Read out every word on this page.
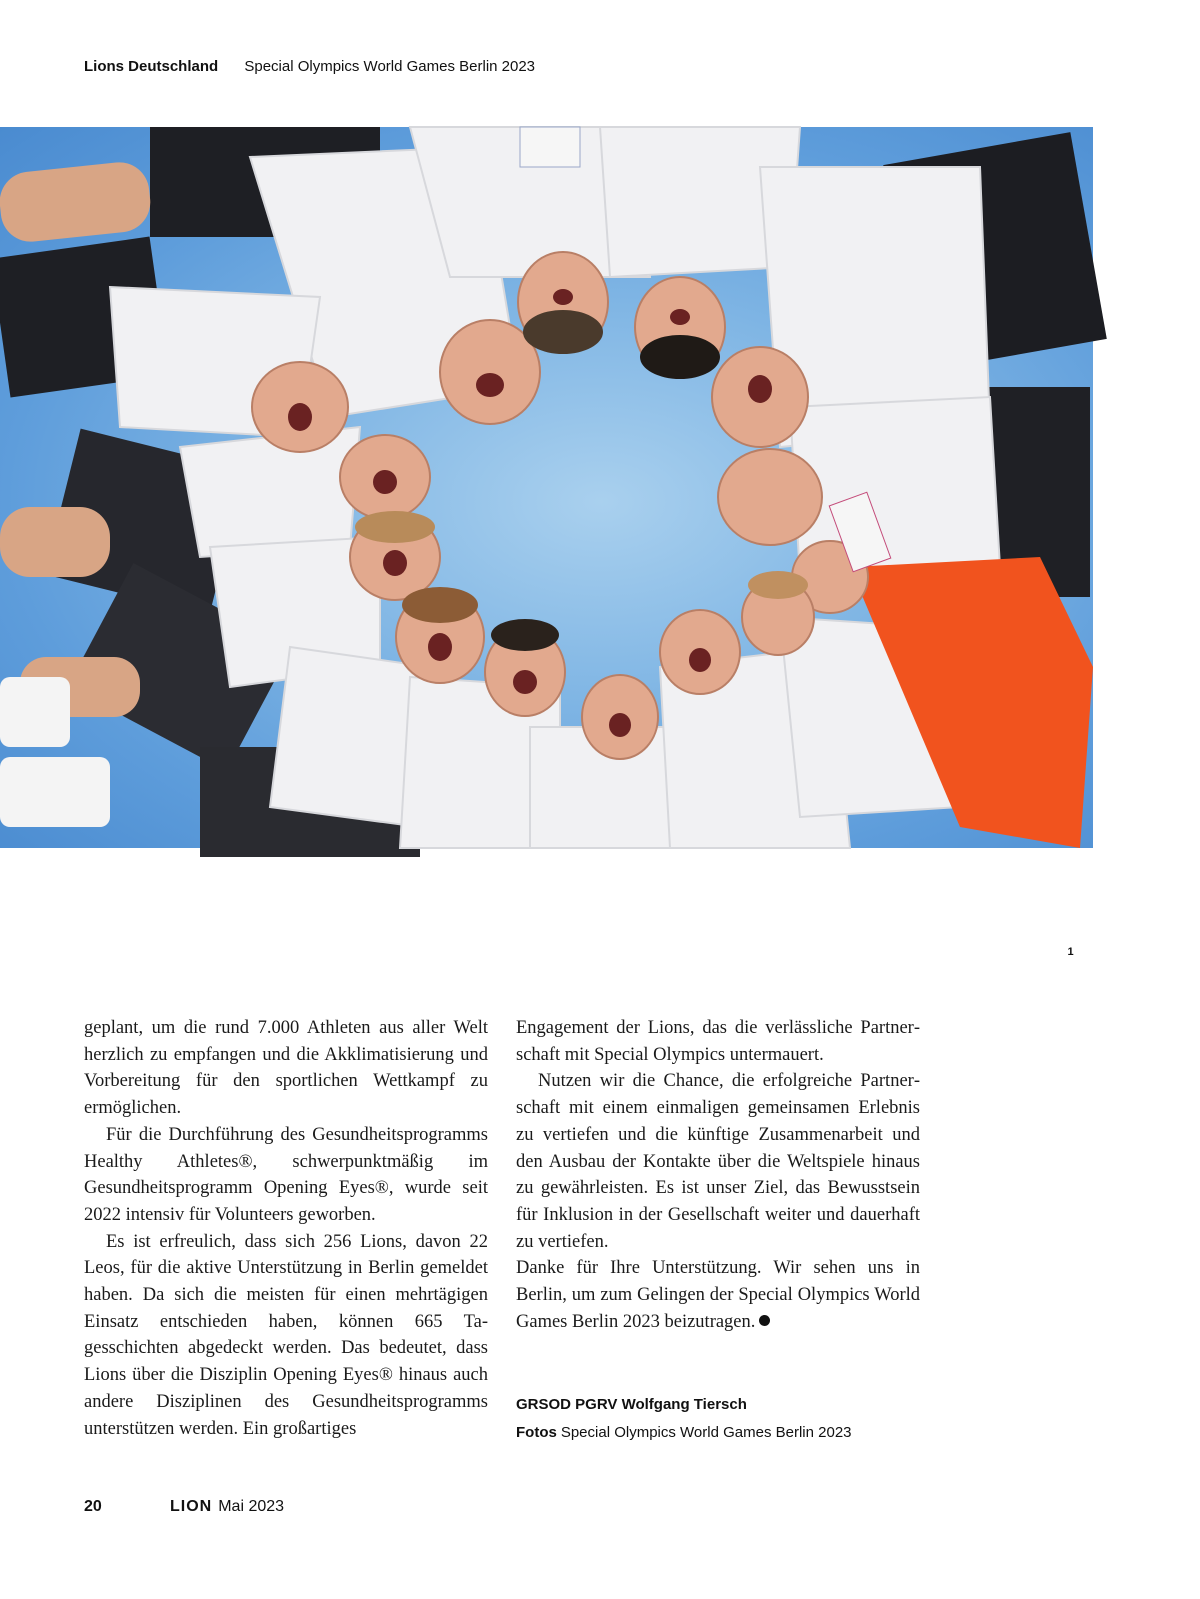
Lions Deutschland Special Olympics World Games Berlin 2023
1

geplant, um die rund 7.000 Athleten aus aller Welt herzlich zu empfangen und die Akklimatisierung und Vorbereitung für den sportlichen Wettkampf zu ermöglichen.

Für die Durchführung des Gesundheitsprogramms Healthy Athletes®, schwerpunktmäßig im Gesundheitsprogramm Opening Eyes®, wurde seit 2022 intensiv für Volunteers geworben.

Es ist erfreulich, dass sich 256 Lions, davon 22 Leos, für die aktive Unterstützung in Berlin gemeldet haben. Da sich die meisten für einen mehrtägigen Einsatz entschieden haben, können 665 Tagesschichten abgedeckt werden. Das bedeutet, dass Lions über die Disziplin Opening Eyes® hinaus auch andere Disziplinen des Gesundheitsprogramms unterstützen werden. Ein großartiges

Engagement der Lions, das die verlässliche Partnerschaft mit Special Olympics untermauert.

Nutzen wir die Chance, die erfolgreiche Partnerschaft mit einem einmaligen gemeinsamen Erlebnis zu vertiefen und die künftige Zusammenarbeit und den Ausbau der Kontakte über die Weltspiele hinaus zu gewährleisten. Es ist unser Ziel, das Bewusstsein für Inklusion in der Gesellschaft weiter und dauerhaft zu vertiefen.

Danke für Ihre Unterstützung. Wir sehen uns in Berlin, um zum Gelingen der Special Olympics World Games Berlin 2023 beizutragen.

GRSOD PGRV Wolfgang Tiersch
Fotos Special Olympics World Games Berlin 2023
20	LION Mai 2023
